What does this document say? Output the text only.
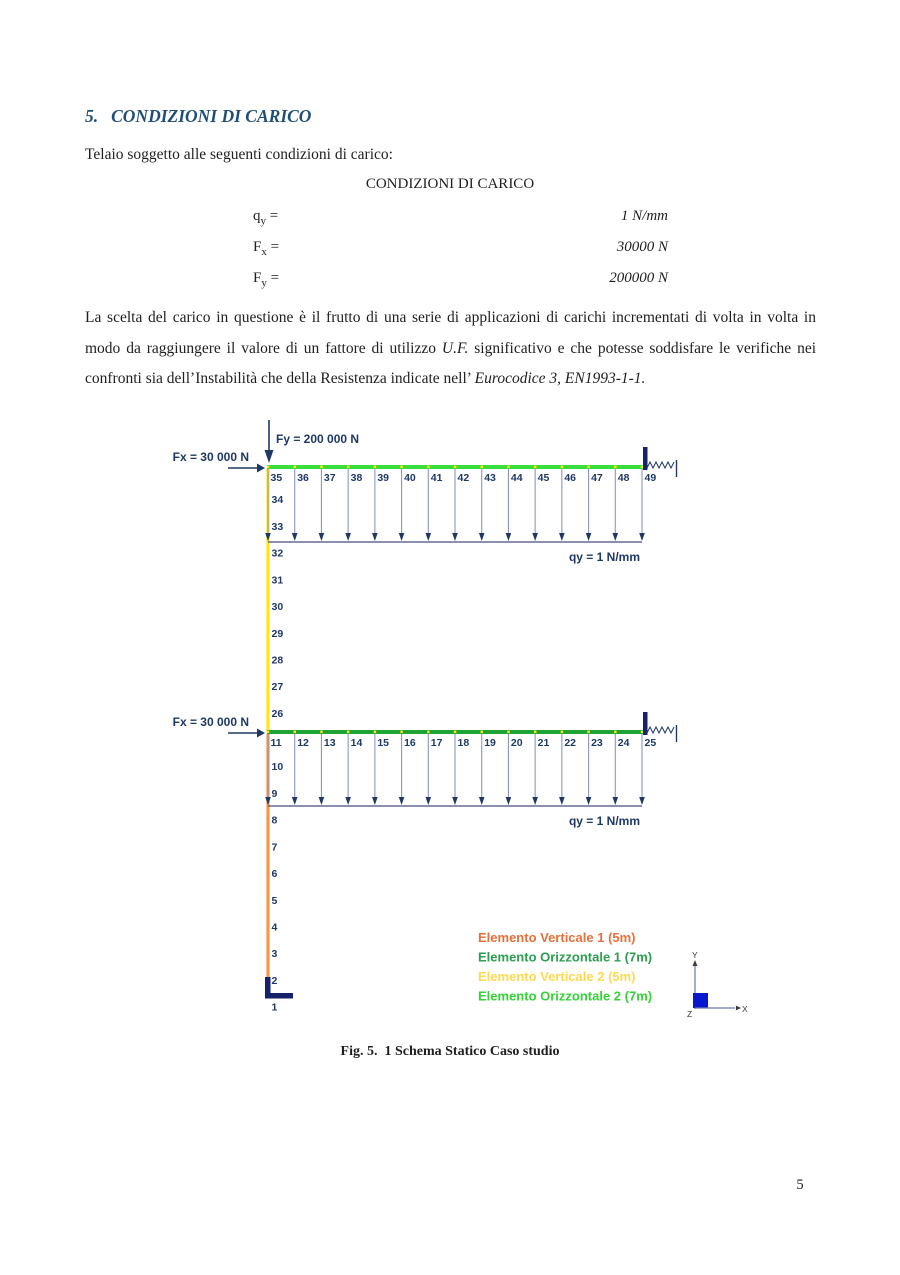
5. CONDIZIONI DI CARICO
Telaio soggetto alle seguenti condizioni di carico:
CONDIZIONI DI CARICO
$q_y$ =	1 N/mm
$F_x$ =	30000 N
$F_y$ =	200000 N
La scelta del carico in questione è il frutto di una serie di applicazioni di carichi incrementati di volta in volta in modo da raggiungere il valore di un fattore di utilizzo U.F. significativo e che potesse soddisfare le verifiche nei confronti sia dell’Instabilità che della Resistenza indicate nell’ Eurocodice 3, EN1993-1-1.
35 36 37 38 39 40 41 42 43 44 45 46 47 48 49
qy = 1 N/mm
Fx = 30 000 N
11 12 13 14 15 16 17 18 19 20 21 22 23 24 25
qy = 1 N/mm
Fx = 30 000 N
Fy = 200 000 N
34
33
32
31
30
29
28
27
26
10
9
8
7
6
5
4
3
2
1
Elemento Verticale 1 (5m)
Elemento Orizzontale 1 (7m)
Elemento Verticale 2 (5m)
Elemento Orizzontale 2 (7m)
Y
X
Z
Fig. 5.  1 Schema Statico Caso studio
5
